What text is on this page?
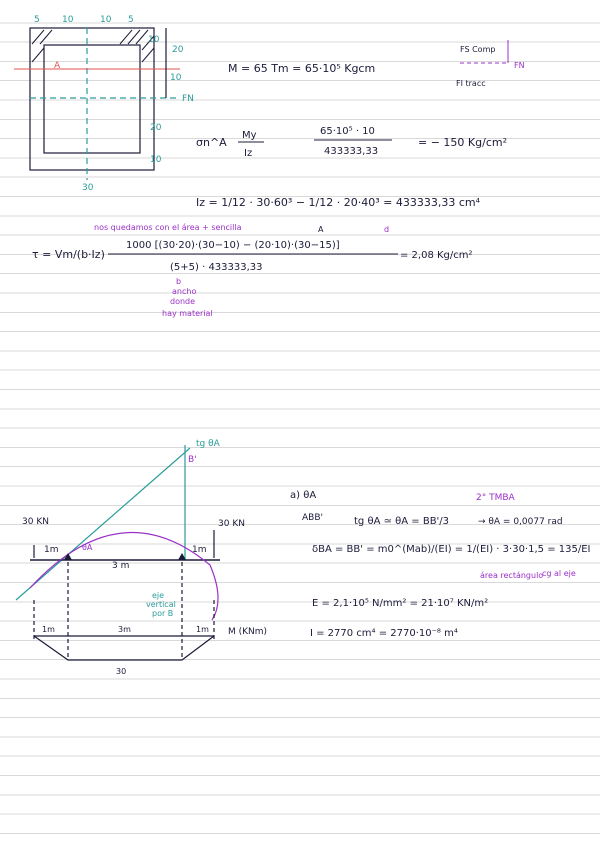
5 10	10 5
10
20
10
20
10
30
A
FN
M = 65 Tm = 65·10⁵ Kgcm
FS Comp
FI tracc
FN
σn^A
My
Iz
65·10⁵ · 10
433333,33
= − 150 Kg/cm²
Iz = 1/12 · 30·60³ − 1/12 · 20·40³ = 433333,33 cm⁴
nos quedamos con el área + sencilla	A	d
τ = Vm/(b·Iz)
1000 [(30·20)·(30−10) − (20·10)·(30−15)]
(5+5) · 433333,33
= 2,08 Kg/cm²
b
ancho
donde
hay material
tg θA
B'
30 KN	30 KN
1m
3 m
1m
θA
eje
vertical
por B
1m	3m	1m M (KNm)
30
a) θA
ABB'	tg θA ≃ θA = BB'/3	→ θA = 0,0077 rad
2° TMBA
δBA = BB' = m0^(Mab)/(EI) = 1/(EI) · 3·30·1,5 = 135/EI
área rectángulo
cg al eje
E = 2,1·10⁵ N/mm² = 21·10⁷ KN/m²
I = 2770 cm⁴ = 2770·10⁻⁸ m⁴
